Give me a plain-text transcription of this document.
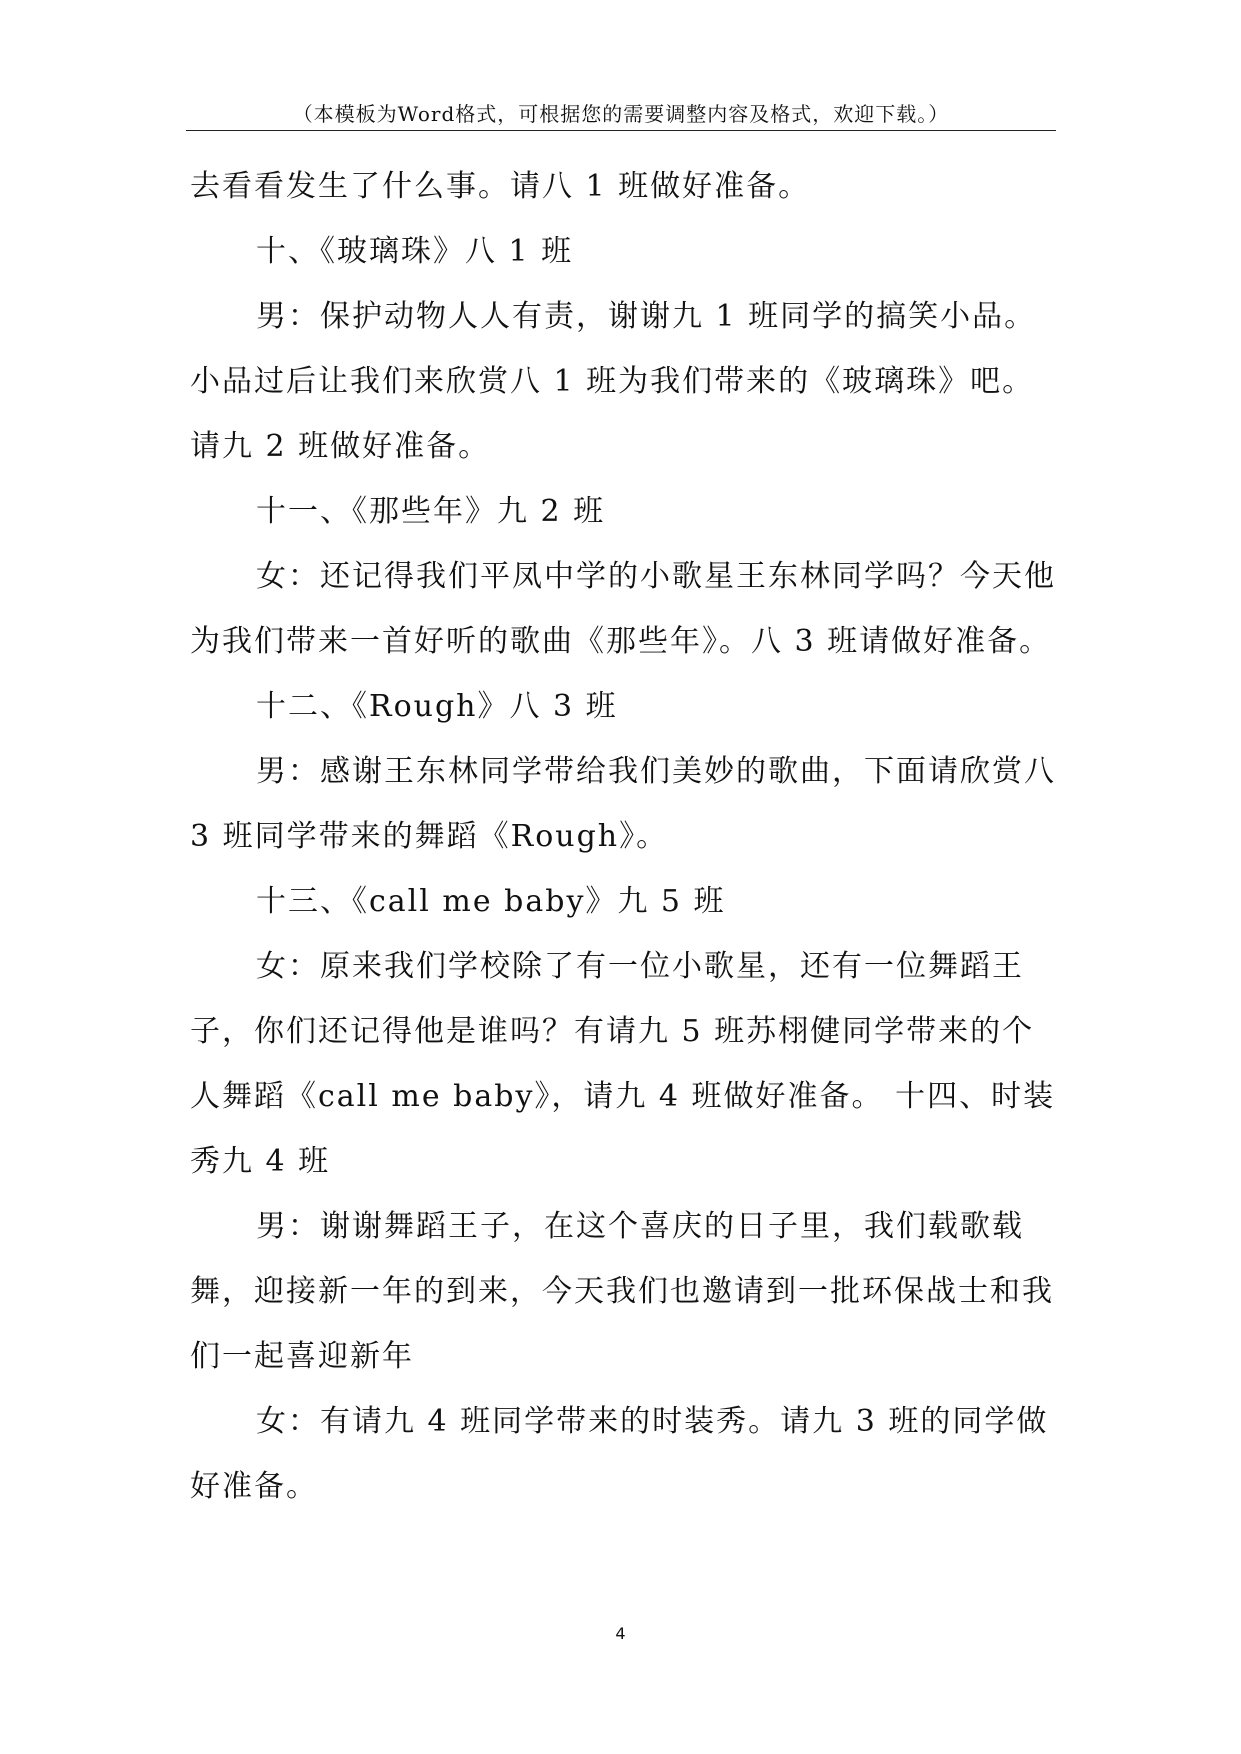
（本模板为Word格式，可根据您的需要调整内容及格式，欢迎下载。）

去看看发生了什么事。请八 1 班做好准备。

十、《玻璃珠》八 1 班

男：保护动物人人有责，谢谢九 1 班同学的搞笑小品。小品过后让我们来欣赏八 1 班为我们带来的《玻璃珠》吧。请九 2 班做好准备。

十一、《那些年》九 2 班

女：还记得我们平凤中学的小歌星王东林同学吗？今天他为我们带来一首好听的歌曲《那些年》。八 3 班请做好准备。

十二、《Rough》八 3 班

男：感谢王东林同学带给我们美妙的歌曲，下面请欣赏八 3 班同学带来的舞蹈《Rough》。

十三、《call me baby》九 5 班

女：原来我们学校除了有一位小歌星，还有一位舞蹈王子，你们还记得他是谁吗？有请九 5 班苏栩健同学带来的个人舞蹈《call me baby》，请九 4 班做好准备。 十四、时装秀九 4 班

男：谢谢舞蹈王子，在这个喜庆的日子里，我们载歌载舞，迎接新一年的到来，今天我们也邀请到一批环保战士和我们一起喜迎新年

女：有请九 4 班同学带来的时装秀。请九 3 班的同学做好准备。

4
